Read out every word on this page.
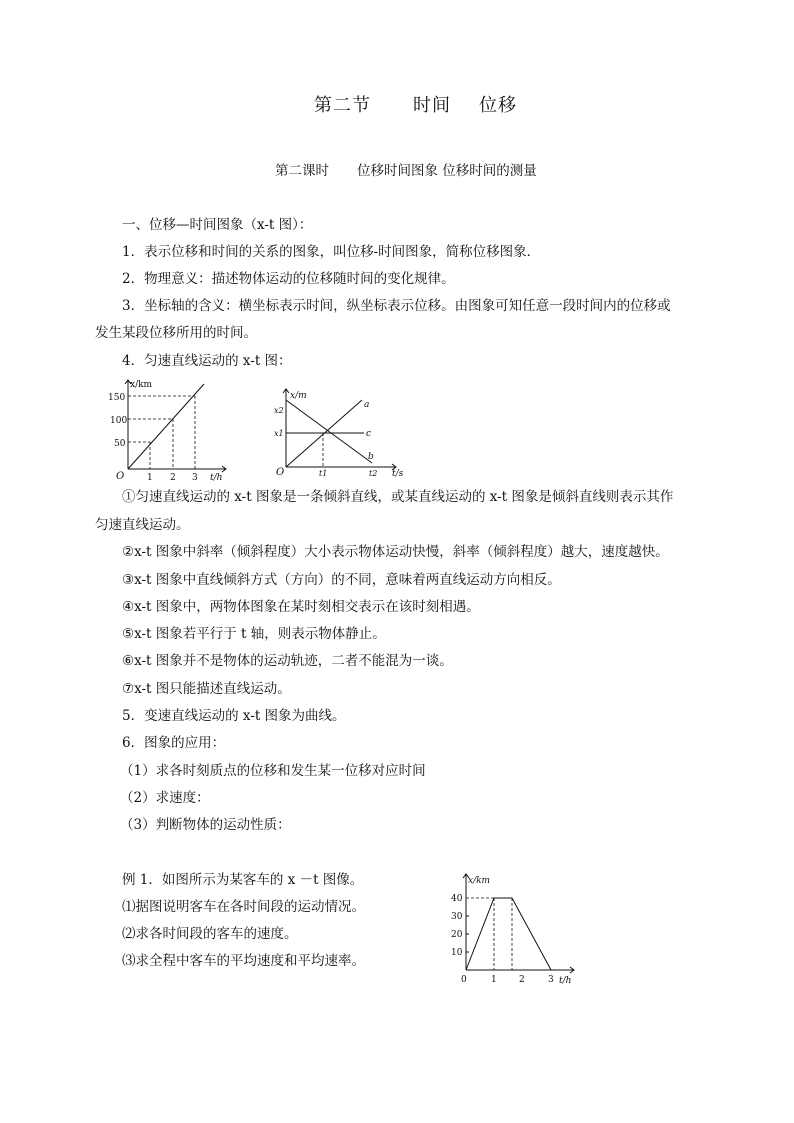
第二节 时间 位移
第二课时 位移时间图象 位移时间的测量
一、位移—时间图象（x-t 图）：
1．表示位移和时间的关系的图象，叫位移-时间图象，简称位移图象．
2．物理意义：描述物体运动的位移随时间的变化规律。
3．坐标轴的含义：横坐标表示时间，纵坐标表示位移。由图象可知任意一段时间内的位移或
发生某段位移所用的时间。
4．匀速直线运动的 x-t 图：
x/km
150
100
50
O	1 2 3 t/h
x/m
x2
x1
O	t1	t2 t/s
a
c
b
①匀速直线运动的 x-t 图象是一条倾斜直线，或某直线运动的 x-t 图象是倾斜直线则表示其作
匀速直线运动。
②x-t 图象中斜率（倾斜程度）大小表示物体运动快慢，斜率（倾斜程度）越大，速度越快。
③x-t 图象中直线倾斜方式（方向）的不同，意味着两直线运动方向相反。
④x-t 图象中，两物体图象在某时刻相交表示在该时刻相遇。
⑤x-t 图象若平行于 t 轴，则表示物体静止。
⑥x-t 图象并不是物体的运动轨迹，二者不能混为一谈。
⑦x-t 图只能描述直线运动。
5．变速直线运动的 x-t 图象为曲线。
6．图象的应用：
（1）求各时刻质点的位移和发生某一位移对应时间
（2）求速度：
（3）判断物体的运动性质：
例 1．如图所示为某客车的 x －t 图像。
⑴据图说明客车在各时间段的运动情况。
⑵求各时间段的客车的速度。
⑶求全程中客车的平均速度和平均速率。
x/km
40
30
20
10
0	1 2	3 t/h
